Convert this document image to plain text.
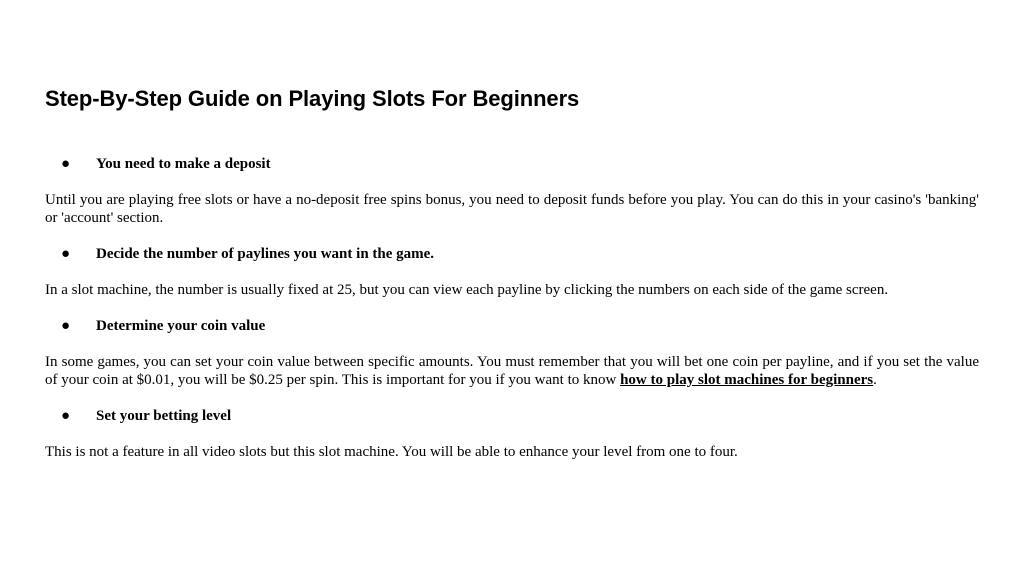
Step-By-Step Guide on Playing Slots For Beginners
● You need to make a deposit

Until you are playing free slots or have a no-deposit free spins bonus, you need to deposit funds before you play. You can do this in your casino's 'banking' or 'account' section.

● Decide the number of paylines you want in the game.

In a slot machine, the number is usually fixed at 25, but you can view each payline by clicking the numbers on each side of the game screen.

● Determine your coin value

In some games, you can set your coin value between specific amounts. You must remember that you will bet one coin per payline, and if you set the value of your coin at $0.01, you will be $0.25 per spin. This is important for you if you want to know how to play slot machines for beginners.

● Set your betting level

This is not a feature in all video slots but this slot machine. You will be able to enhance your level from one to four.
